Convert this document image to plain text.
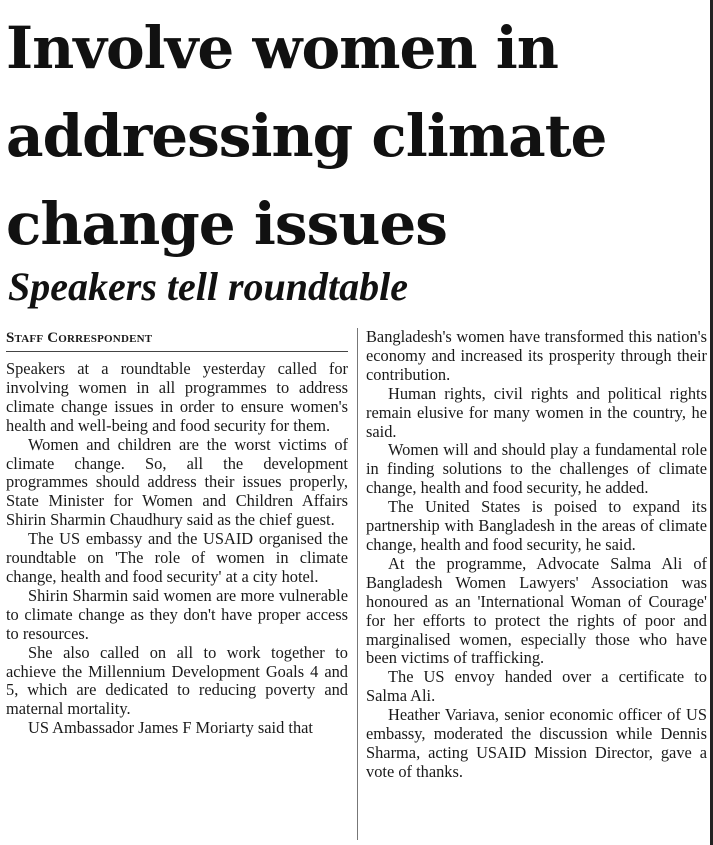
Involve women in
addressing climate
change issues
Speakers tell roundtable
Staff Correspondent

Speakers at a roundtable yesterday called for involving women in all programmes to address climate change issues in order to ensure women's health and well-being and food security for them.

Women and children are the worst victims of climate change. So, all the development programmes should address their issues properly, State Minister for Women and Children Affairs Shirin Sharmin Chaudhury said as the chief guest.

The US embassy and the USAID organised the roundtable on 'The role of women in climate change, health and food security' at a city hotel.

Shirin Sharmin said women are more vulnerable to climate change as they don't have proper access to resources.

She also called on all to work together to achieve the Millennium Development Goals 4 and 5, which are dedicated to reducing poverty and maternal mortality.

US Ambassador James F Moriarty said that

Bangladesh's women have transformed this nation's economy and increased its prosperity through their contribution.

Human rights, civil rights and political rights remain elusive for many women in the country, he said.

Women will and should play a fundamental role in finding solutions to the challenges of climate change, health and food security, he added.

The United States is poised to expand its partnership with Bangladesh in the areas of climate change, health and food security, he said.

At the programme, Advocate Salma Ali of Bangladesh Women Lawyers' Association was honoured as an 'International Woman of Courage' for her efforts to protect the rights of poor and marginalised women, especially those who have been victims of trafficking.

The US envoy handed over a certificate to Salma Ali.

Heather Variava, senior economic officer of US embassy, moderated the discussion while Dennis Sharma, acting USAID Mission Director, gave a vote of thanks.
